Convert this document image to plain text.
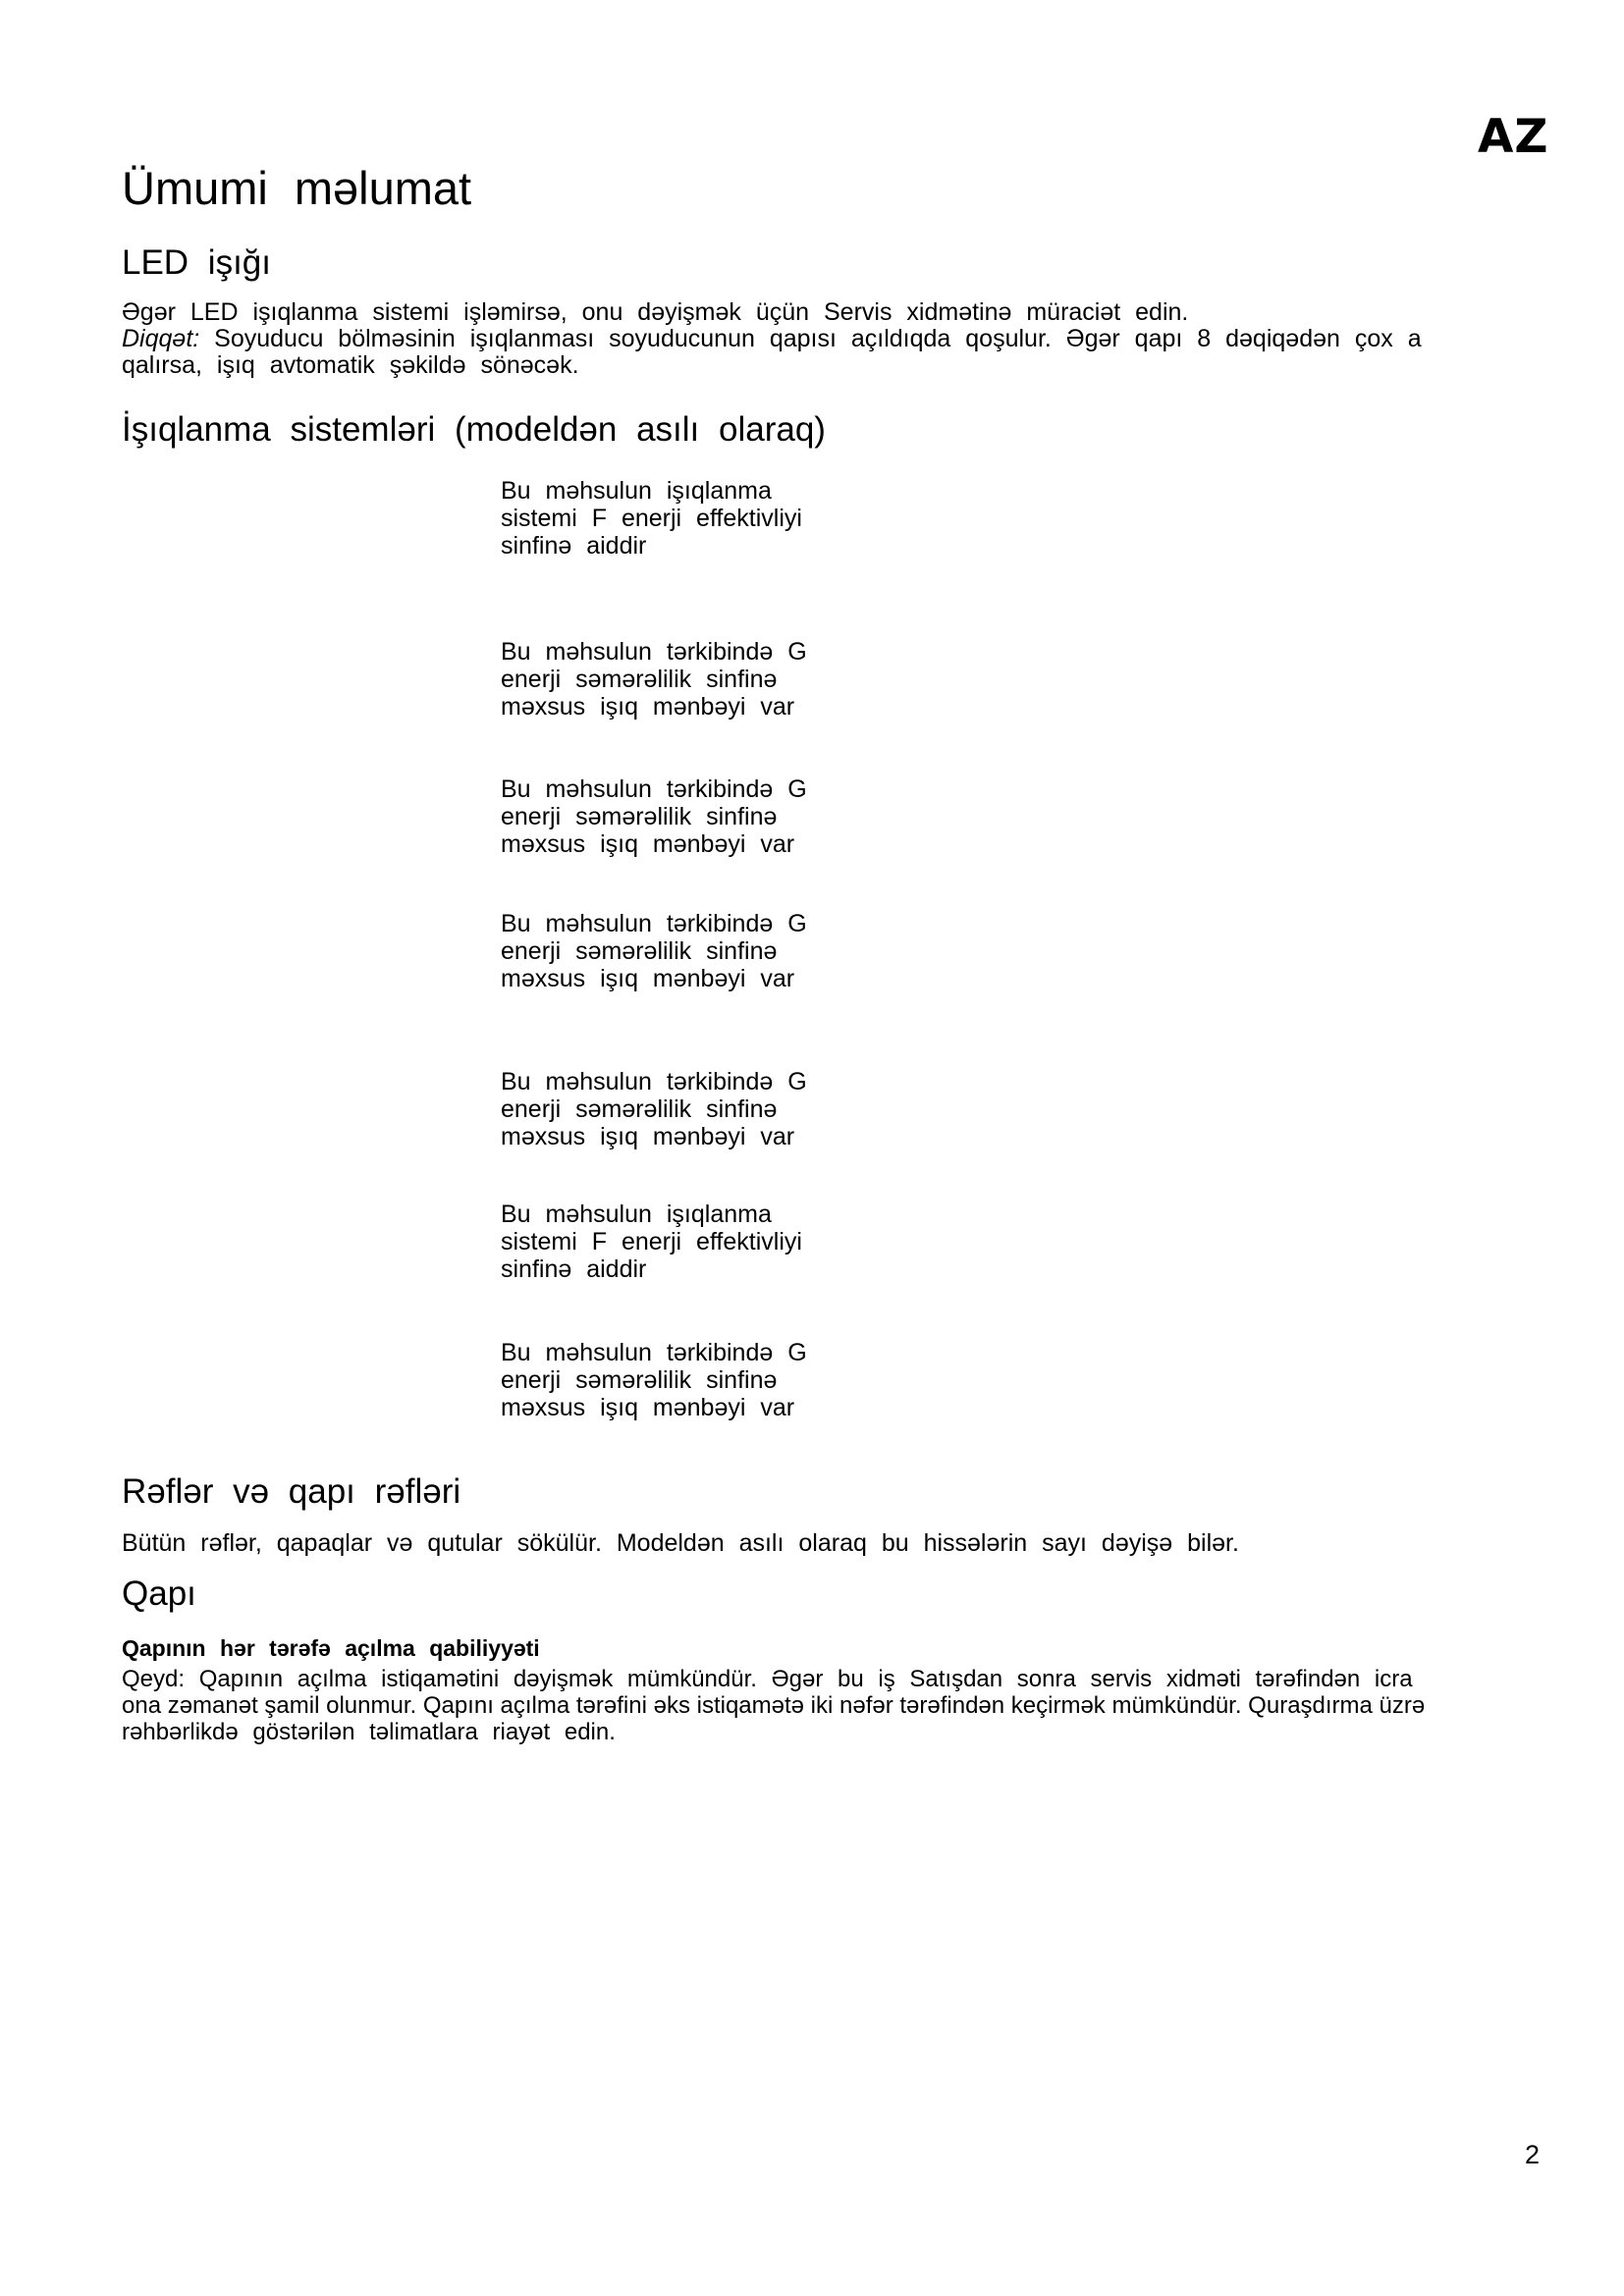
AZ
Ümumi məlumat
LED işığı
Əgər LED işıqlanma sistemi işləmirsə, onu dəyişmək üçün Servis xidmətinə müraciət edin.
Diqqət: Soyuducu bölməsinin işıqlanması soyuducunun qapısı açıldıqda qoşulur. Əgər qapı 8 dəqiqədən çox a
qalırsa, işıq avtomatik şəkildə sönəcək.
İşıqlanma sistemləri (modeldən asılı olaraq)
Bu məhsulun işıqlanma
sistemi F enerji effektivliyi
sinfinə aiddir
Bu məhsulun tərkibində G
enerji səmərəlilik sinfinə
məxsus işıq mənbəyi var
Bu məhsulun tərkibində G
enerji səmərəlilik sinfinə
məxsus işıq mənbəyi var
Bu məhsulun tərkibində G
enerji səmərəlilik sinfinə
məxsus işıq mənbəyi var
Bu məhsulun tərkibində G
enerji səmərəlilik sinfinə
məxsus işıq mənbəyi var
Bu məhsulun işıqlanma
sistemi F enerji effektivliyi
sinfinə aiddir
Bu məhsulun tərkibində G
enerji səmərəlilik sinfinə
məxsus işıq mənbəyi var
Rəflər və qapı rəfləri
Bütün rəflər, qapaqlar və qutular sökülür. Modeldən asılı olaraq bu hissələrin sayı dəyişə bilər.
Qapı
Qapının hər tərəfə açılma qabiliyyəti
Qeyd: Qapının açılma istiqamətini dəyişmək mümkündür. Əgər bu iş Satışdan sonra servis xidməti tərəfindən icra
ona zəmanət şamil olunmur. Qapını açılma tərəfini əks istiqamətə iki nəfər tərəfindən keçirmək mümkündür. Quraşdırma üzrə
rəhbərlikdə göstərilən təlimatlara riayət edin.
2
